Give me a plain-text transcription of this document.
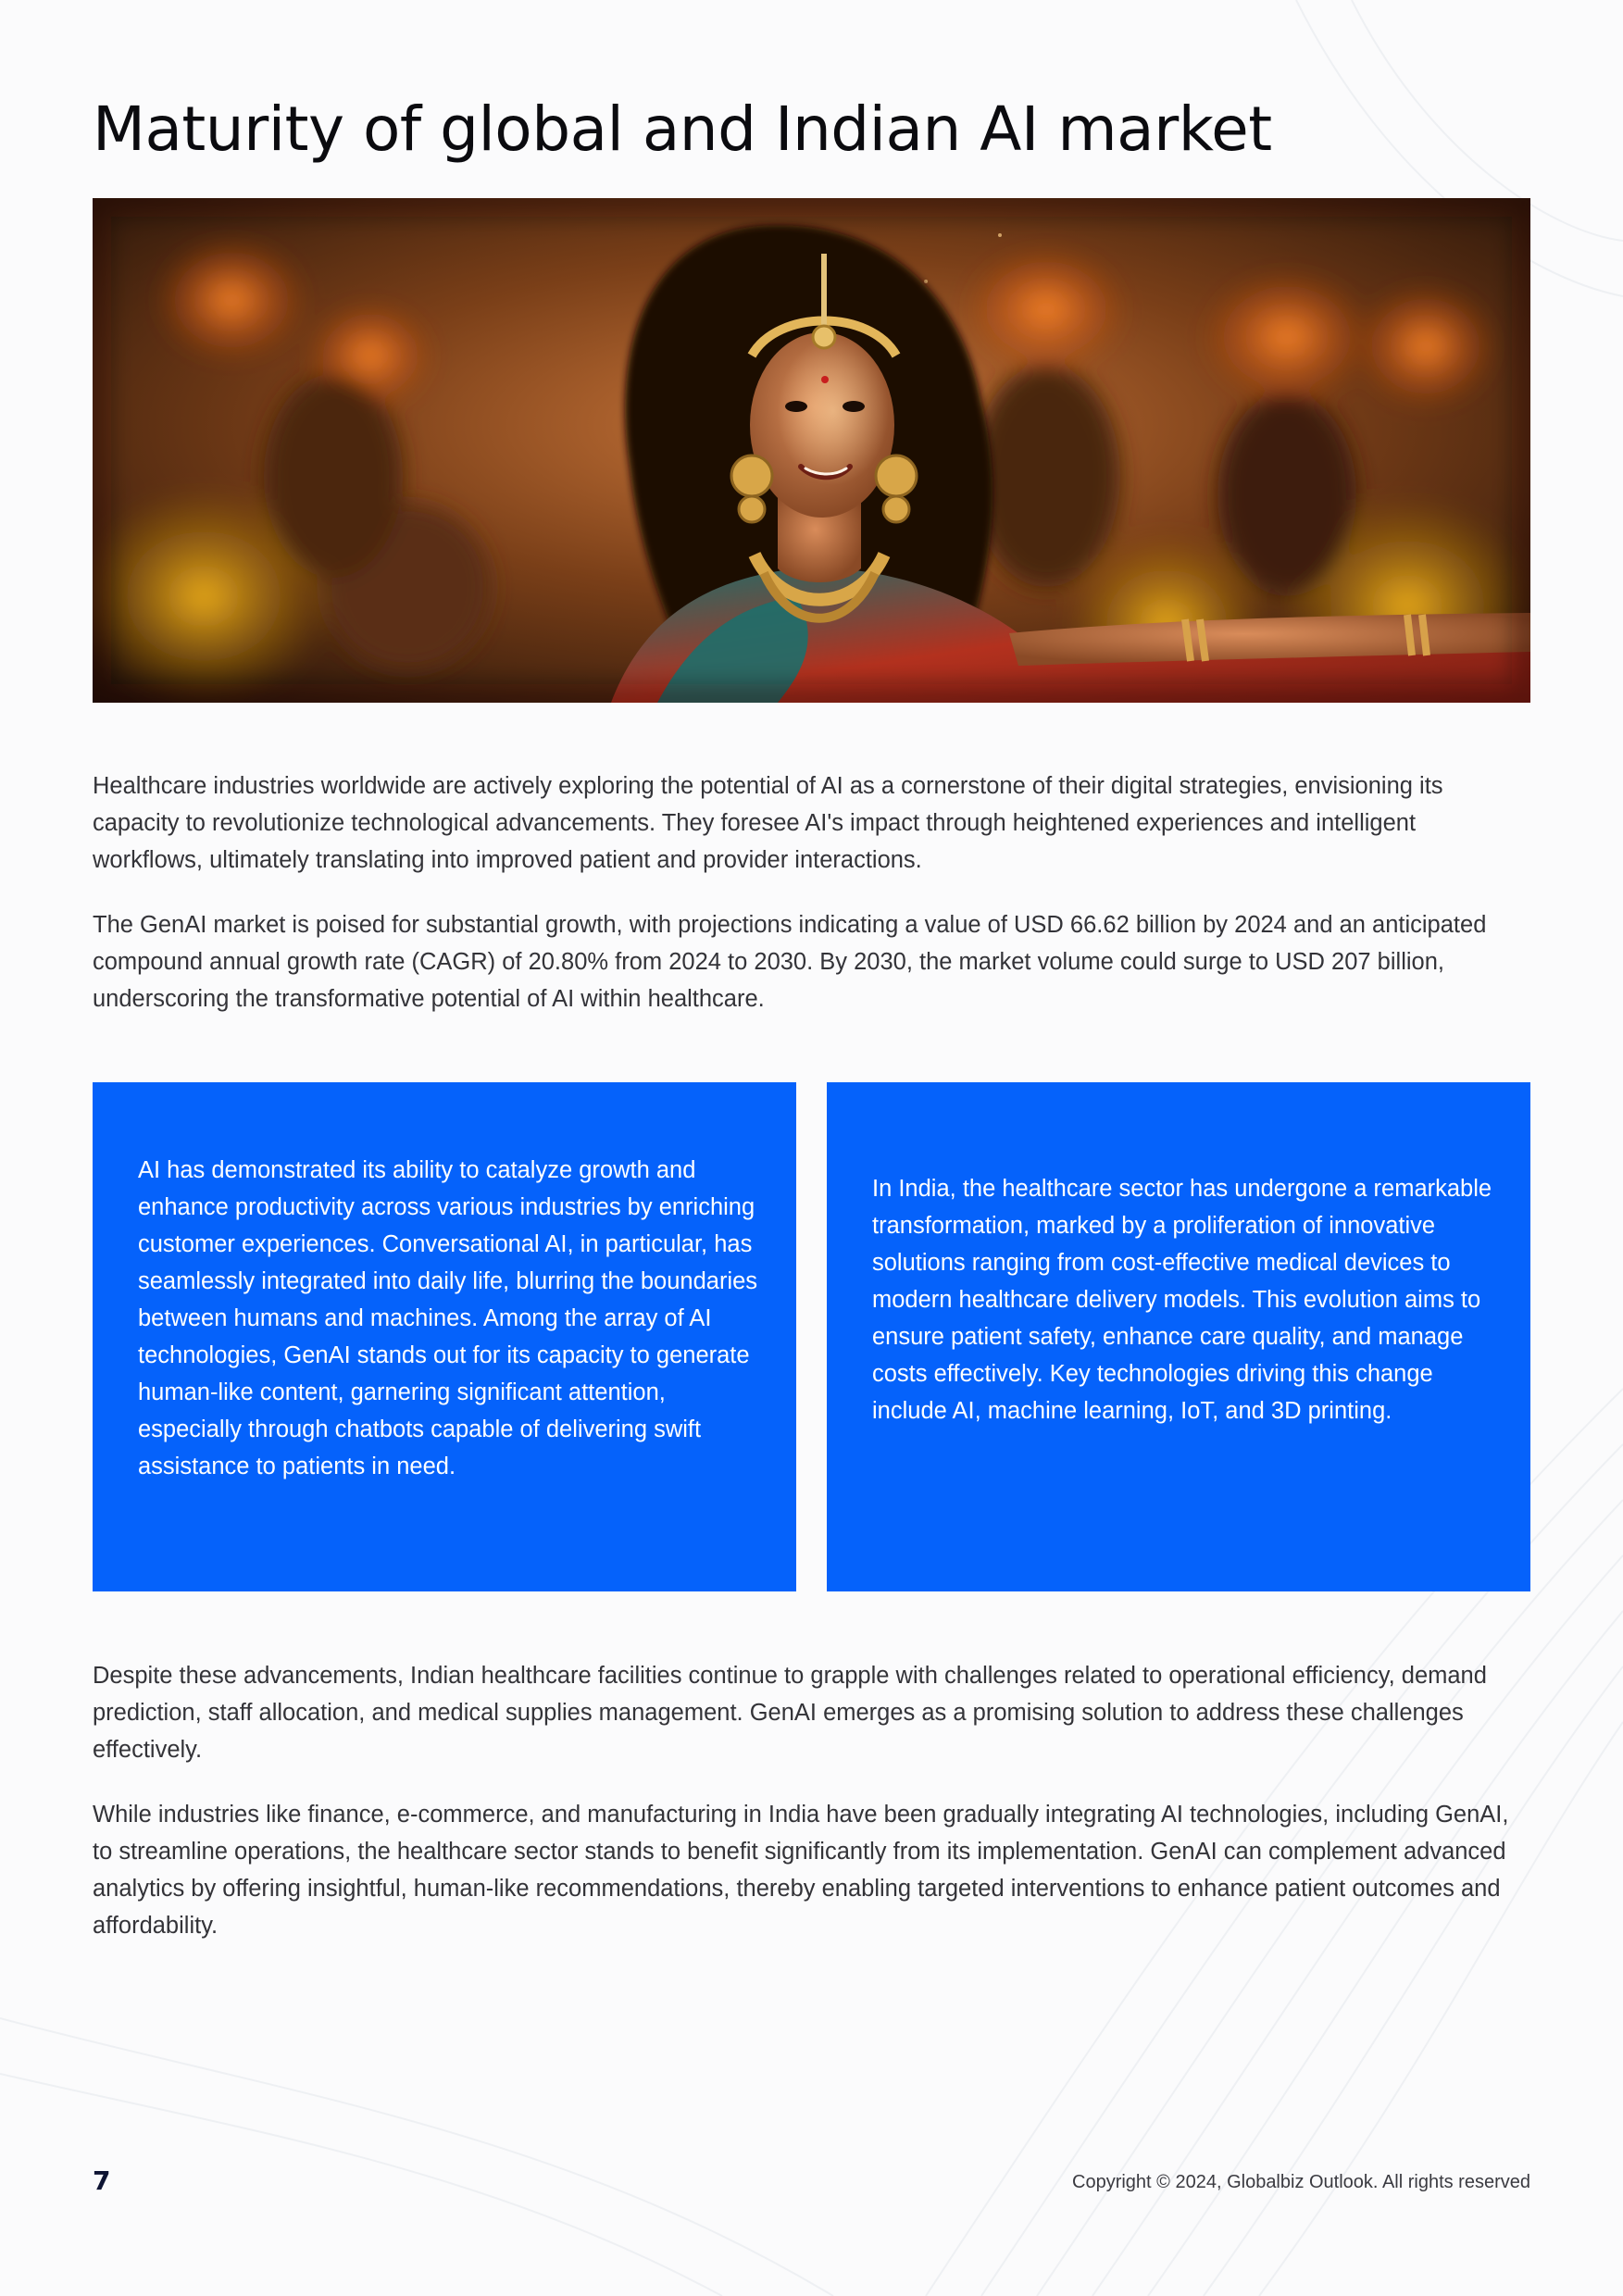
Maturity of global and Indian AI market

Healthcare industries worldwide are actively exploring the potential of AI as a cornerstone of their digital strategies, envisioning its capacity to revolutionize technological advancements. They foresee AI's impact through heightened experiences and intelligent workflows, ultimately translating into improved patient and provider interactions.

The GenAI market is poised for substantial growth, with projections indicating a value of USD 66.62 billion by 2024 and an anticipated compound annual growth rate (CAGR) of 20.80% from 2024 to 2030. By 2030, the market volume could surge to USD 207 billion, underscoring the transformative potential of AI within healthcare.

AI has demonstrated its ability to catalyze growth and enhance productivity across various industries by enriching customer experiences. Conversational AI, in particular, has seamlessly integrated into daily life, blurring the boundaries between humans and machines. Among the array of AI technologies, GenAI stands out for its capacity to generate human-like content, garnering significant attention, especially through chatbots capable of delivering swift assistance to patients in need.

In India, the healthcare sector has undergone a remarkable transformation, marked by a proliferation of innovative solutions ranging from cost-effective medical devices to modern healthcare delivery models. This evolution aims to ensure patient safety, enhance care quality, and manage costs effectively. Key technologies driving this change include AI, machine learning, IoT, and 3D printing.

Despite these advancements, Indian healthcare facilities continue to grapple with challenges related to operational efficiency, demand prediction, staff allocation, and medical supplies management. GenAI emerges as a promising solution to address these challenges effectively.

While industries like finance, e-commerce, and manufacturing in India have been gradually integrating AI technologies, including GenAI, to streamline operations, the healthcare sector stands to benefit significantly from its implementation. GenAI can complement advanced analytics by offering insightful, human-like recommendations, thereby enabling targeted interventions to enhance patient outcomes and affordability.

7	Copyright © 2024, Globalbiz Outlook. All rights reserved
